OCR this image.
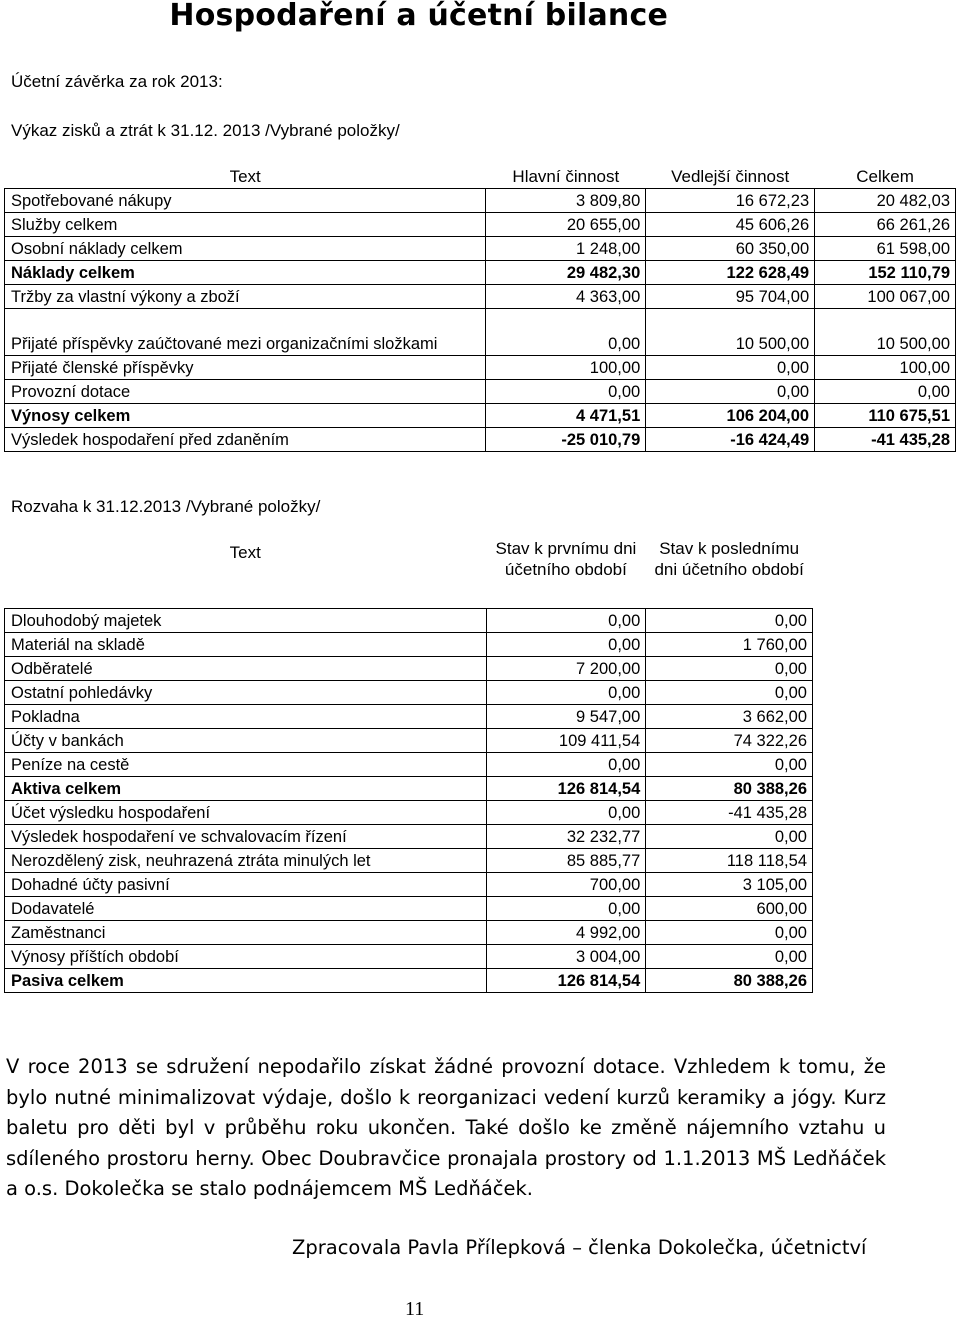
Hospodaření a účetní bilance
Účetní závěrka za rok 2013:
Výkaz zisků a ztrát k 31.12. 2013 /Vybrané položky/
Text	Hlavní činnost	Vedlejší činnost	Celkem
Spotřebované nákupy	3 809,80	16 672,23	20 482,03
Služby celkem	20 655,00	45 606,26	66 261,26
Osobní náklady celkem	1 248,00	60 350,00	61 598,00
Náklady celkem	29 482,30	122 628,49	152 110,79
Tržby za vlastní výkony a zboží	4 363,00	95 704,00	100 067,00
Přijaté příspěvky zaúčtované mezi organizačními složkami	0,00	10 500,00	10 500,00
Přijaté členské příspěvky	100,00	0,00	100,00
Provozní dotace	0,00	0,00	0,00
Výnosy celkem	4 471,51	106 204,00	110 675,51
Výsledek hospodaření před zdaněním	-25 010,79	-16 424,49	-41 435,28
Rozvaha k 31.12.2013 /Vybrané položky/
Text	Stav k prvnímu dni účetního období	Stav k poslednímu dni účetního období
Dlouhodobý majetek	0,00	0,00
Materiál na skladě	0,00	1 760,00
Odběratelé	7 200,00	0,00
Ostatní pohledávky	0,00	0,00
Pokladna	9 547,00	3 662,00
Účty v bankách	109 411,54	74 322,26
Peníze na cestě	0,00	0,00
Aktiva celkem	126 814,54	80 388,26
Účet výsledku hospodaření	0,00	-41 435,28
Výsledek hospodaření ve schvalovacím řízení	32 232,77	0,00
Nerozdělený zisk, neuhrazená ztráta minulých let	85 885,77	118 118,54
Dohadné účty pasivní	700,00	3 105,00
Dodavatelé	0,00	600,00
Zaměstnanci	4 992,00	0,00
Výnosy příštích období	3 004,00	0,00
Pasiva celkem	126 814,54	80 388,26
V roce 2013 se sdružení nepodařilo získat žádné provozní dotace. Vzhledem k tomu, že bylo nutné minimalizovat výdaje, došlo k reorganizaci vedení kurzů keramiky a jógy. Kurz baletu pro děti byl v průběhu roku ukončen. Také došlo ke změně nájemního vztahu u sdíleného prostoru herny. Obec Doubravčice pronajala prostory od 1.1.2013 MŠ Ledňáček a o.s. Dokolečka se stalo podnájemcem MŠ Ledňáček.
Zpracovala Pavla Přílepková – členka Dokolečka, účetnictví
11
